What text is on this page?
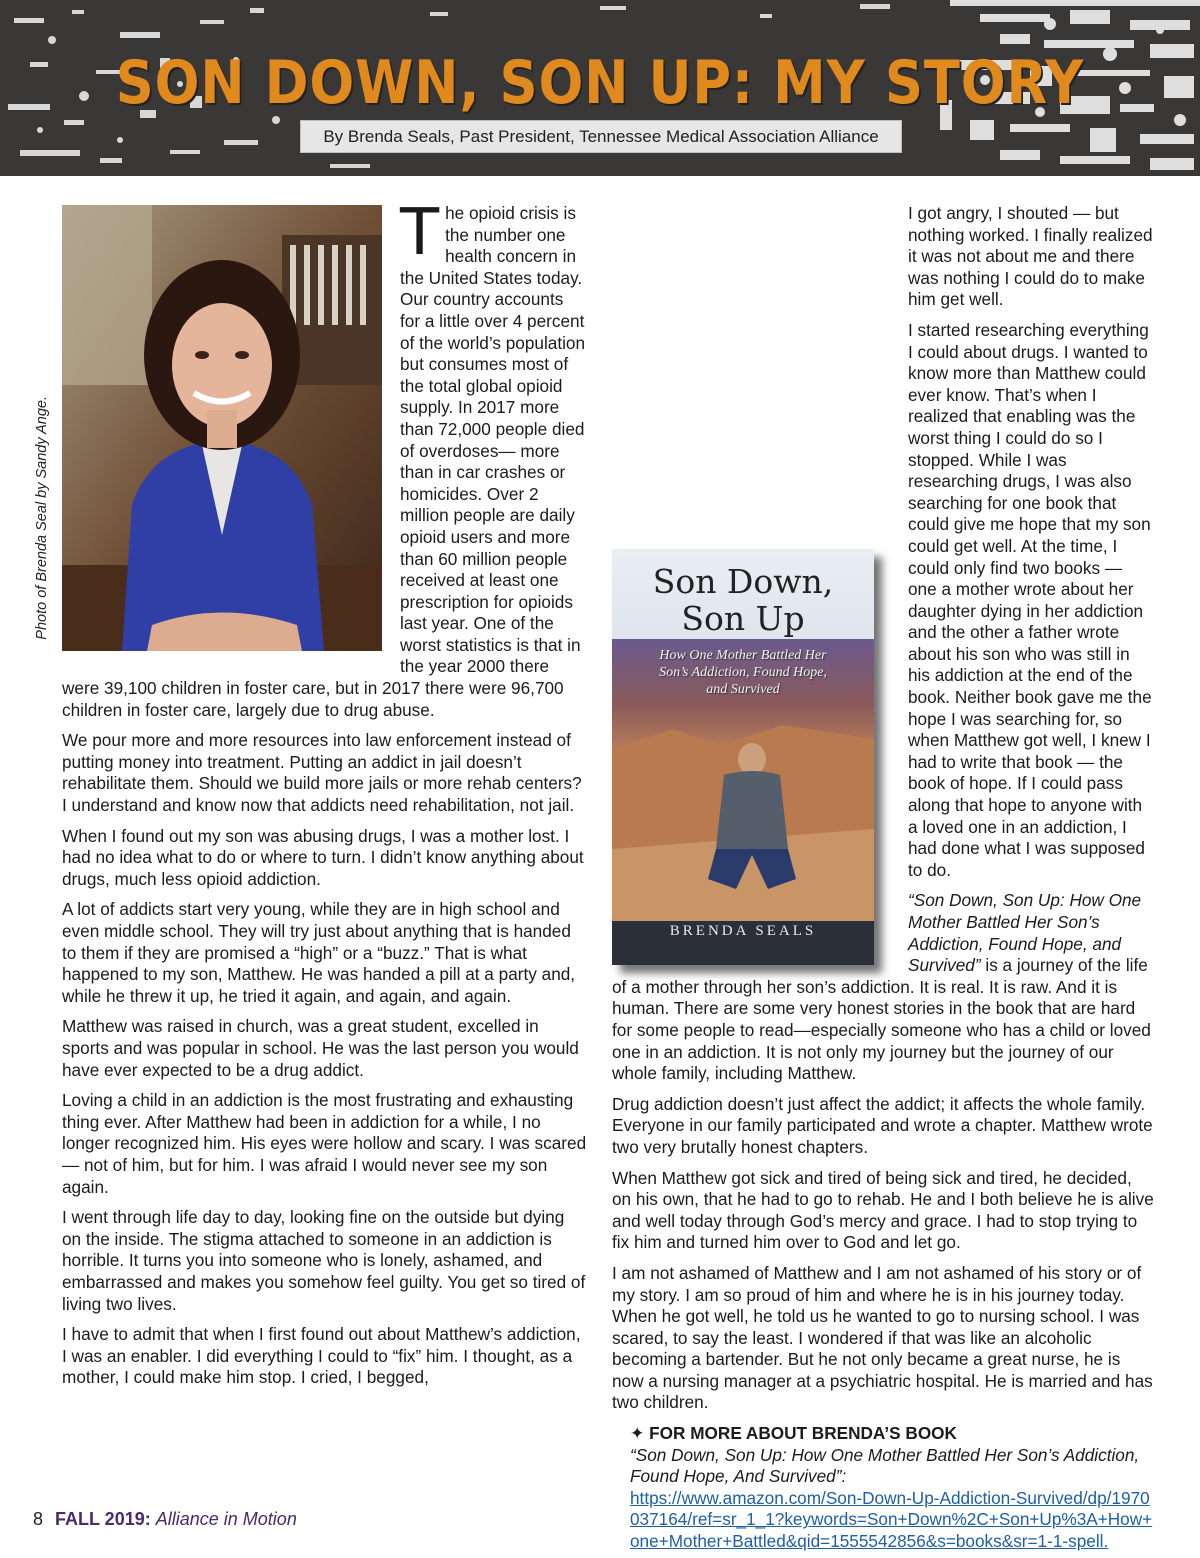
SON DOWN, SON UP: MY STORY
By Brenda Seals, Past President, Tennessee Medical Association Alliance
Photo of Brenda Seal by Sandy Ange.
T he opioid crisis is the number one health concern in the United States today. Our country accounts for a little over 4 percent of the world’s population but consumes most of the total global opioid supply. In 2017 more than 72,000 people died of overdoses— more than in car crashes or homicides. Over 2 million people are daily opioid users and more than 60 million people received at least one prescription for opioids last year. One of the worst statistics is that in the year 2000 there were 39,100 children in foster care, but in 2017 there were 96,700 children in foster care, largely due to drug abuse.

We pour more and more resources into law enforcement instead of putting money into treatment. Putting an addict in jail doesn’t rehabilitate them. Should we build more jails or more rehab centers? I understand and know now that addicts need rehabilitation, not jail.

When I found out my son was abusing drugs, I was a mother lost. I had no idea what to do or where to turn. I didn’t know anything about drugs, much less opioid addiction.

A lot of addicts start very young, while they are in high school and even middle school. They will try just about anything that is handed to them if they are promised a “high” or a “buzz.” That is what happened to my son, Matthew. He was handed a pill at a party and, while he threw it up, he tried it again, and again, and again.

Matthew was raised in church, was a great student, excelled in sports and was popular in school. He was the last person you would have ever expected to be a drug addict.

Loving a child in an addiction is the most frustrating and exhausting thing ever. After Matthew had been in addiction for a while, I no longer recognized him. His eyes were hollow and scary. I was scared — not of him, but for him. I was afraid I would never see my son again.

I went through life day to day, looking fine on the outside but dying on the inside. The stigma attached to someone in an addiction is horrible. It turns you into someone who is lonely, ashamed, and embarrassed and makes you somehow feel guilty. You get so tired of living two lives.

I have to admit that when I first found out about Matthew’s addiction, I was an enabler. I did everything I could to “fix” him. I thought, as a mother, I could make him stop. I cried, I begged,

Son Down,
Son Up
How One Mother Battled Her Son’s Addiction, Found Hope, and Survived
BRENDA SEALS

I got angry, I shouted — but nothing worked. I finally realized it was not about me and there was nothing I could do to make him get well.

I started researching everything I could about drugs. I wanted to know more than Matthew could ever know. That’s when I realized that enabling was the worst thing I could do so I stopped. While I was researching drugs, I was also searching for one book that could give me hope that my son could get well. At the time, I could only find two books — one a mother wrote about her daughter dying in her addiction and the other a father wrote about his son who was still in his addiction at the end of the book. Neither book gave me the hope I was searching for, so when Matthew got well, I knew I had to write that book — the book of hope. If I could pass along that hope to anyone with a loved one in an addiction, I had done what I was supposed to do.

“Son Down, Son Up: How One Mother Battled Her Son’s Addiction, Found Hope, and Survived” is a journey of the life of a mother through her son’s addiction. It is real. It is raw. And it is human. There are some very honest stories in the book that are hard for some people to read—especially someone who has a child or loved one in an addiction. It is not only my journey but the journey of our whole family, including Matthew.

Drug addiction doesn’t just affect the addict; it affects the whole family. Everyone in our family participated and wrote a chapter. Matthew wrote two very brutally honest chapters.

When Matthew got sick and tired of being sick and tired, he decided, on his own, that he had to go to rehab. He and I both believe he is alive and well today through God’s mercy and grace. I had to stop trying to fix him and turned him over to God and let go.

I am not ashamed of Matthew and I am not ashamed of his story or of my story. I am so proud of him and where he is in his journey today. When he got well, he told us he wanted to go to nursing school. I was scared, to say the least. I wondered if that was like an alcoholic becoming a bartender. But he not only became a great nurse, he is now a nursing manager at a psychiatric hospital. He is married and has two children.

✦ FOR MORE ABOUT BRENDA’S BOOK
“Son Down, Son Up: How One Mother Battled Her Son’s Addiction, Found Hope, And Survived”:
https://www.amazon.com/Son-Down-Up-Addiction-Survived/dp/1970037164/ref=sr_1_1?keywords=Son+Down%2C+Son+Up%3A+How+one+Mother+Battled&qid=1555542856&s=books&sr=1-1-spell.
8 FALL 2019: Alliance in Motion
